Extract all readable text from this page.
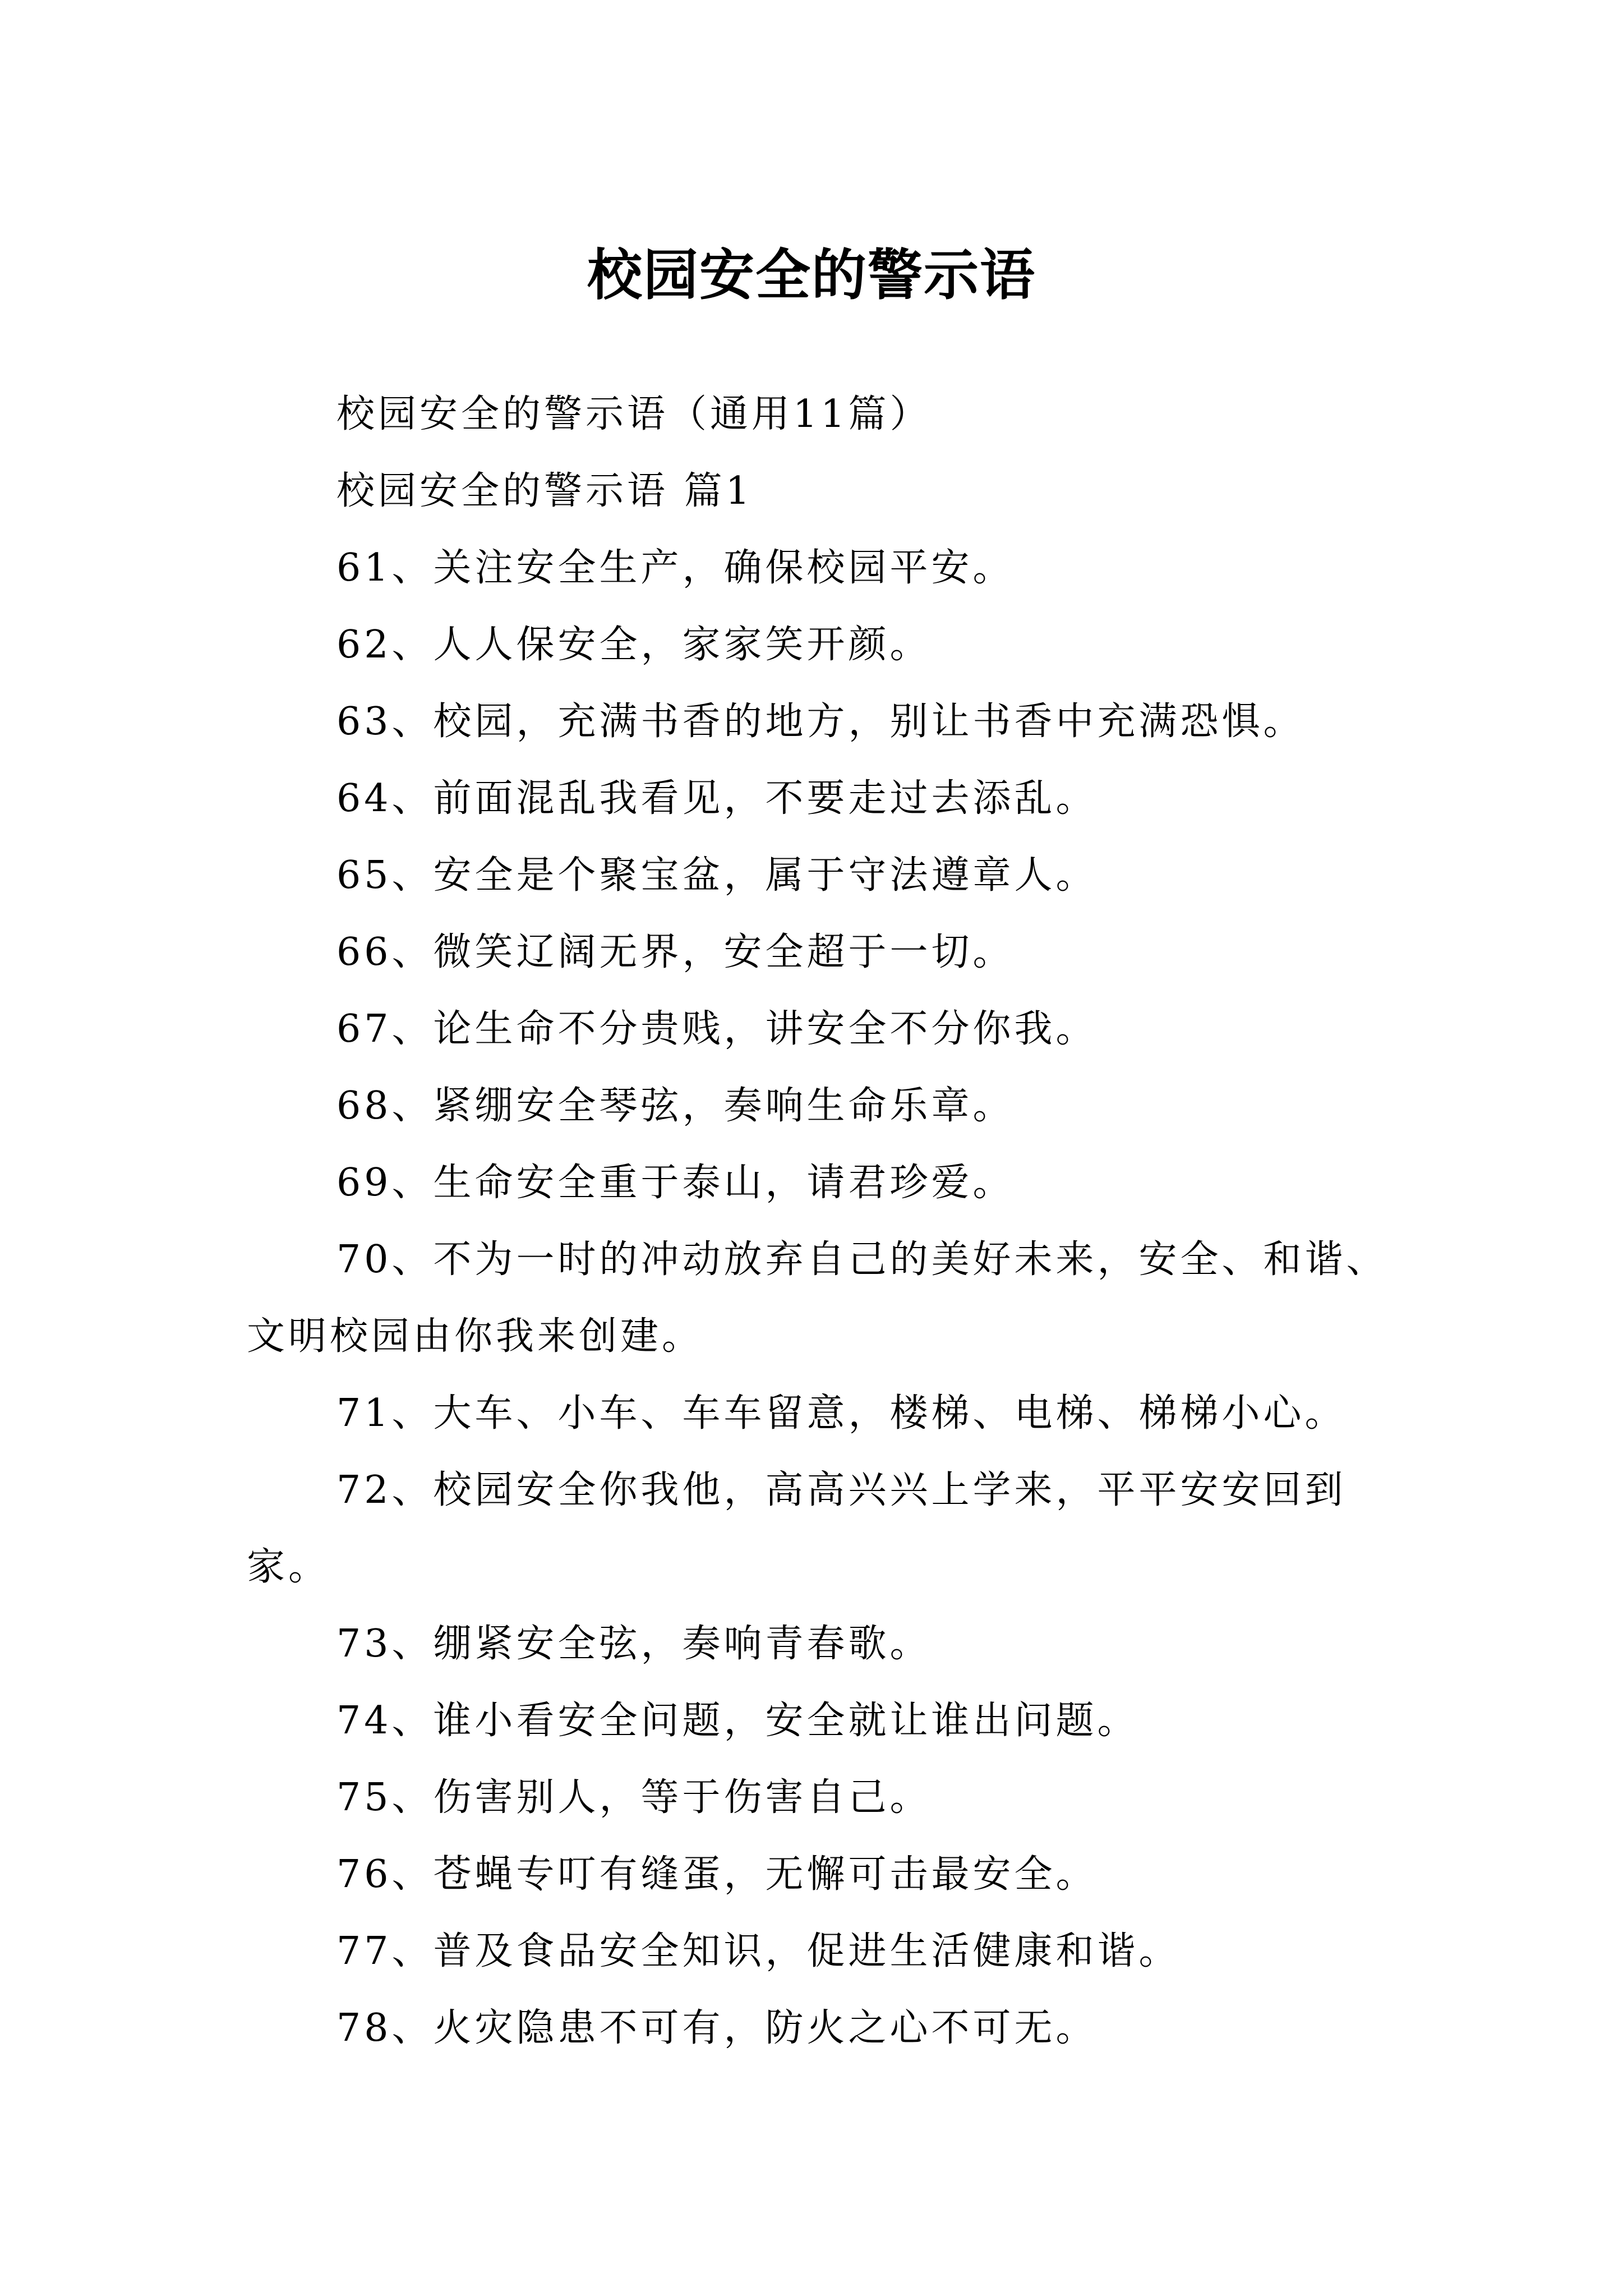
校园安全的警示语

校园安全的警示语（通用11篇）

校园安全的警示语 篇1

61、关注安全生产，确保校园平安。

62、人人保安全，家家笑开颜。

63、校园，充满书香的地方，别让书香中充满恐惧。

64、前面混乱我看见，不要走过去添乱。

65、安全是个聚宝盆，属于守法遵章人。

66、微笑辽阔无界，安全超于一切。

67、论生命不分贵贱，讲安全不分你我。

68、紧绷安全琴弦，奏响生命乐章。

69、生命安全重于泰山，请君珍爱。

70、不为一时的冲动放弃自己的美好未来，安全、和谐、文明校园由你我来创建。

71、大车、小车、车车留意，楼梯、电梯、梯梯小心。

72、校园安全你我他，高高兴兴上学来，平平安安回到家。

73、绷紧安全弦，奏响青春歌。

74、谁小看安全问题，安全就让谁出问题。

75、伤害别人，等于伤害自己。

76、苍蝇专叮有缝蛋，无懈可击最安全。

77、普及食品安全知识，促进生活健康和谐。

78、火灾隐患不可有，防火之心不可无。
